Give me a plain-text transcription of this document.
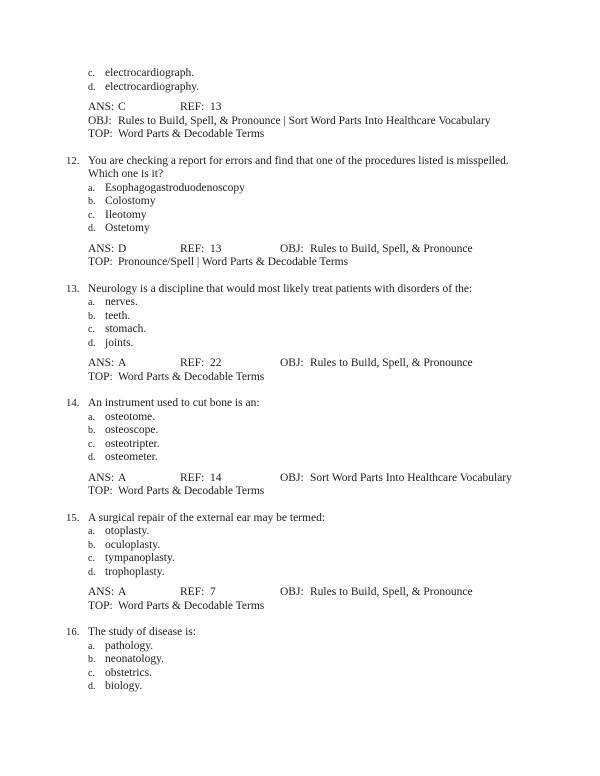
c. electrocardiograph.
d. electrocardiography.
ANS: C	REF: 13
OBJ: Rules to Build, Spell, & Pronounce | Sort Word Parts Into Healthcare Vocabulary
TOP: Word Parts & Decodable Terms
12. You are checking a report for errors and find that one of the procedures listed is misspelled. Which one is it?
a. Esophagogastroduodenoscopy
b. Colostomy
c. Ileotomy
d. Ostetomy
ANS: D	REF: 13	OBJ: Rules to Build, Spell, & Pronounce
TOP: Pronounce/Spell | Word Parts & Decodable Terms
13. Neurology is a discipline that would most likely treat patients with disorders of the:
a. nerves.
b. teeth.
c. stomach.
d. joints.
ANS: A	REF: 22	OBJ: Rules to Build, Spell, & Pronounce
TOP: Word Parts & Decodable Terms
14. An instrument used to cut bone is an:
a. osteotome.
b. osteoscope.
c. osteotripter.
d. osteometer.
ANS: A	REF: 14	OBJ: Sort Word Parts Into Healthcare Vocabulary
TOP: Word Parts & Decodable Terms
15. A surgical repair of the external ear may be termed:
a. otoplasty.
b. oculoplasty.
c. tympanoplasty.
d. trophoplasty.
ANS: A	REF: 7	OBJ: Rules to Build, Spell, & Pronounce
TOP: Word Parts & Decodable Terms
16. The study of disease is:
a. pathology.
b. neonatology.
c. obstetrics.
d. biology.
